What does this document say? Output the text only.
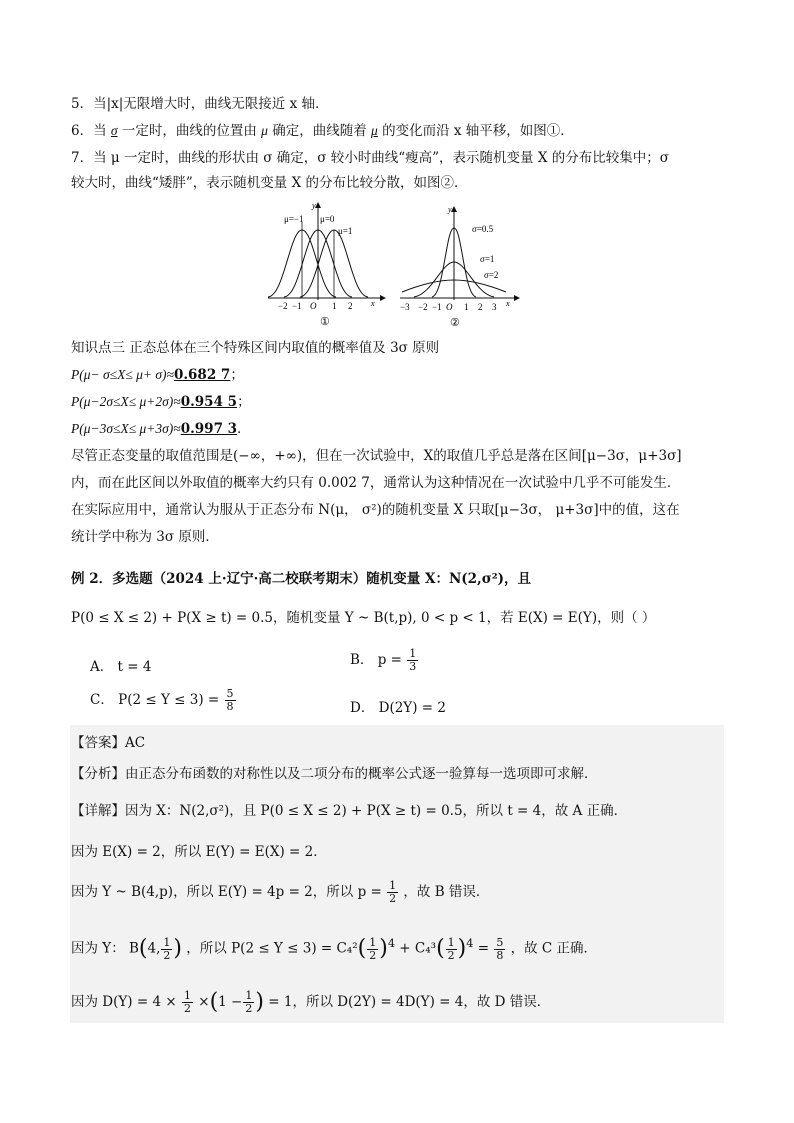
5．当|x|无限增大时，曲线无限接近 x 轴．
6．当 σ 一定时，曲线的位置由 μ 确定，曲线随着 μ 的变化而沿 x 轴平移，如图①．
7．当 μ 一定时，曲线的形状由 σ 确定，σ 较小时曲线“瘦高”，表示随机变量 X 的分布比较集中；σ
较大时，曲线“矮胖”，表示随机变量 X 的分布比较分散，如图②．
μ=−1 μ=0
μ=1
y
x
−2 −1 O 1 2
①
σ=0.5
σ=1
σ=2
y
x
−3 −2 −1 O 1 2 3
②
知识点三 正态总体在三个特殊区间内取值的概率值及 3σ 原则
P(μ− σ≤X≤ μ+ σ)≈0.682 7；
P(μ−2σ≤X≤ μ+2σ)≈0.954 5；
P(μ−3σ≤X≤ μ+3σ)≈0.997 3．
尽管正态变量的取值范围是(−∞，+∞)，但在一次试验中，X的取值几乎总是落在区间[μ−3σ，μ+3σ]
内，而在此区间以外取值的概率大约只有 0.002 7，通常认为这种情况在一次试验中几乎不可能发生．
在实际应用中，通常认为服从于正态分布 N(μ， σ²)的随机变量 X 只取[μ−3σ， μ+3σ]中的值，这在
统计学中称为 3σ 原则．
例 2．多选题（2024 上·辽宁·高二校联考期末）随机变量 X：N(2,σ²)，且
P(0 ≤ X ≤ 2) + P(X ≥ t) = 0.5，随机变量 Y ~ B(t,p), 0 < p < 1，若 E(X) = E(Y)，则（ ）
A． t = 4	B． $p = \frac{1}{3}$
C． $P(2 \le Y \le 3) = \frac{5}{8}$	D． D(2Y) = 2
【答案】AC
【分析】由正态分布函数的对称性以及二项分布的概率公式逐一验算每一选项即可求解．
【详解】因为 X：N(2,σ²)，且 P(0 ≤ X ≤ 2) + P(X ≥ t) = 0.5，所以 t = 4，故 A 正确．
因为 E(X) = 2，所以 E(Y) = E(X) = 2．
因为 Y ~ B(4,p)，所以 E(Y) = 4p = 2，所以 $p = \frac{1}{2}$ ，故 B 错误．
因为 Y： B(4, $\frac{1}{2}$ ) ，所以 $P(2 \le Y \le 3) = C_4^2( \frac{1}{2} )^4 + C_4^3( \frac{1}{2} )^4 = \frac{5}{8}$ ，故 C 正确．
因为 $D(Y) = 4 \times \frac{1}{2} \times(1 - \frac{1}{2}$ ) = 1，所以 D(2Y) = 4D(Y) = 4，故 D 错误．
